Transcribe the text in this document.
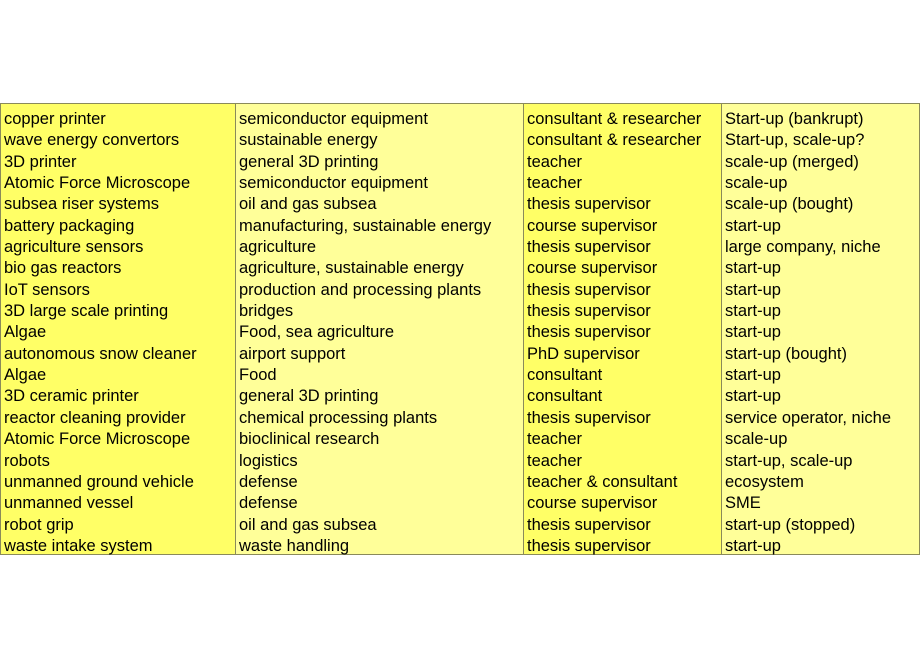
copper printer
wave energy convertors
3D printer
Atomic Force Microscope
subsea riser systems
battery packaging
agriculture sensors
bio gas reactors
IoT sensors
3D large scale printing
Algae
autonomous snow cleaner
Algae
3D ceramic printer
reactor cleaning provider
Atomic Force Microscope
robots
unmanned ground vehicle
unmanned vessel
robot grip
waste intake system
semiconductor equipment
sustainable energy
general 3D printing
semiconductor equipment
oil and gas subsea
manufacturing, sustainable energy
agriculture
agriculture, sustainable energy
production and processing plants
bridges
Food, sea agriculture
airport support
Food
general 3D printing
chemical processing plants
bioclinical research
logistics
defense
defense
oil and gas subsea
waste handling
consultant & researcher
consultant & researcher
teacher
teacher
thesis supervisor
course supervisor
thesis supervisor
course supervisor
thesis supervisor
thesis supervisor
thesis supervisor
PhD supervisor
consultant
consultant
thesis supervisor
teacher
teacher
teacher & consultant
course supervisor
thesis supervisor
thesis supervisor
Start-up (bankrupt)
Start-up, scale-up?
scale-up (merged)
scale-up
scale-up (bought)
start-up
large company, niche
start-up
start-up
start-up
start-up
start-up (bought)
start-up
start-up
service operator, niche
scale-up
start-up, scale-up
ecosystem
SME
start-up (stopped)
start-up
